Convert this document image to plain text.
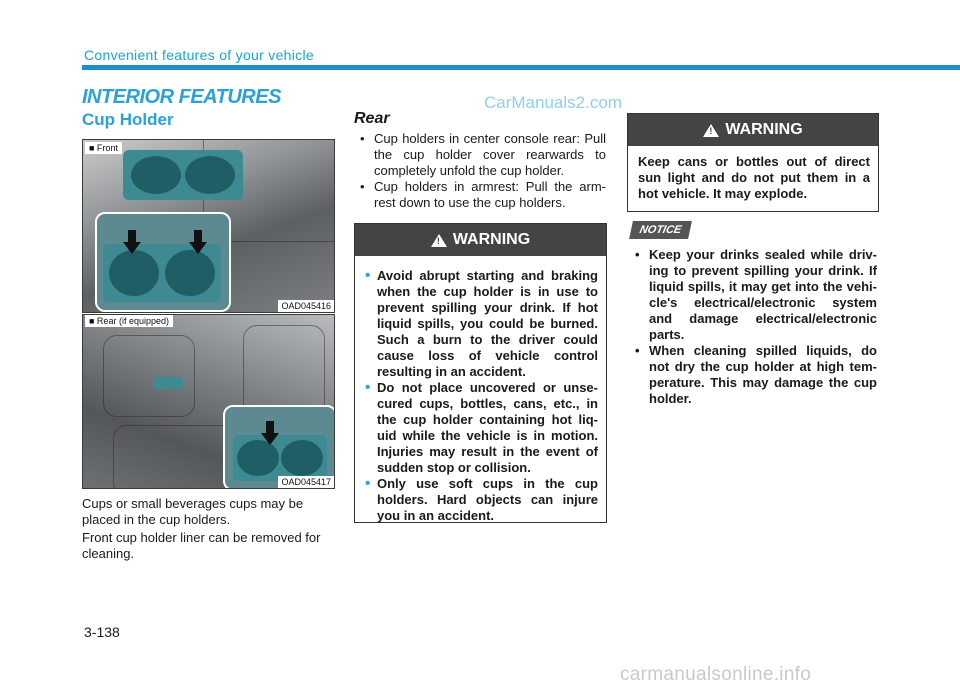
Convenient features of your vehicle
INTERIOR FEATURES	CarManuals2.com
Cup Holder
■ Front
OAD045416
■ Rear (if equipped)
OAD045417

Cups or small beverages cups may be placed in the cup holders.

Front cup holder liner can be removed for cleaning.

Rear
• Cup holders in center console rear: Pull the cup holder cover rearwards to completely unfold the cup holder.
• Cup holders in armrest: Pull the arm-rest down to use the cup holders.
! WARNING
• Avoid abrupt starting and braking when the cup holder is in use to prevent spilling your drink. If hot liquid spills, you could be burned. Such a burn to the driver could cause loss of vehicle control resulting in an accident.
• Do not place uncovered or unse-cured cups, bottles, cans, etc., in the cup holder containing hot liq-uid while the vehicle is in motion. Injuries may result in the event of sudden stop or collision.
• Only use soft cups in the cup holders. Hard objects can injure you in an accident.
! WARNING
Keep cans or bottles out of direct sun light and do not put them in a hot vehicle. It may explode.
NOTICE
• Keep your drinks sealed while driv-ing to prevent spilling your drink. If liquid spills, it may get into the vehi-cle's electrical/electronic system and damage electrical/electronic parts.
• When cleaning spilled liquids, do not dry the cup holder at high tem-perature. This may damage the cup holder.
3-138
carmanualsonline.info
